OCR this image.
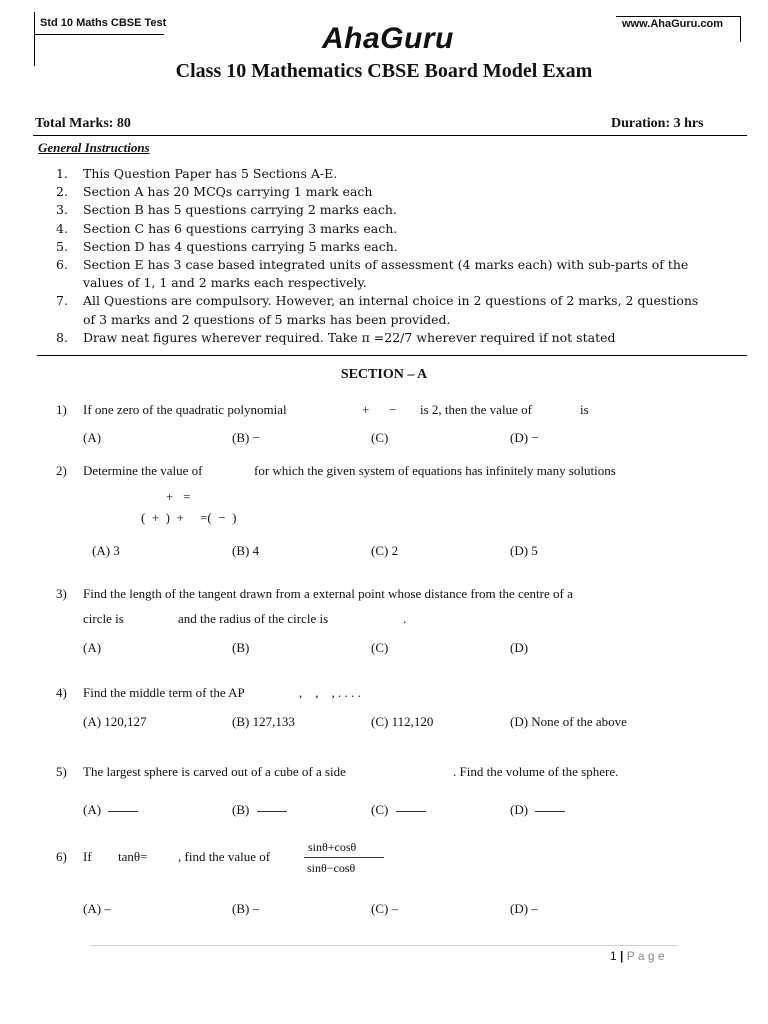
Std 10 Maths CBSE Test	AhaGuru	www.AhaGuru.com
Class 10 Mathematics CBSE Board Model Exam
Total Marks: 80	Duration: 3 hrs
General Instructions
1. This Question Paper has 5 Sections A-E.
2. Section A has 20 MCQs carrying 1 mark each
3. Section B has 5 questions carrying 2 marks each.
4. Section C has 6 questions carrying 3 marks each.
5. Section D has 4 questions carrying 5 marks each.
6. Section E has 3 case based integrated units of assessment (4 marks each) with sub-parts of the
values of 1, 1 and 2 marks each respectively.
7. All Questions are compulsory. However, an internal choice in 2 questions of 2 marks, 2 questions
of 3 marks and 2 questions of 5 marks has been provided.
8. Draw neat figures wherever required. Take π =22/7 wherever required if not stated
SECTION – A
1) If one zero of the quadratic polynomial	+ − is 2, then the value of	is
(A)	(B) −	(C)	(D) −
2) Determine the value of	for which the given system of equations has infinitely many solutions
+   =
(  +  )  +     =(  −  )
(A) 3	(B) 4	(C) 2	(D) 5
3) Find the length of the tangent drawn from a external point whose distance from the centre of a
circle is	and the radius of the circle is	.
(A)	(B)	(C)	(D)
4) Find the middle term of the AP	,    ,    , . . . .
(A) 120,127	(B) 127,133	(C) 112,120	(D) None of the above
5) The largest sphere is carved out of a cube of a side	. Find the volume of the sphere.
(A)	(B)	(C)	(D)
6) If tanθ= , find the value of
sinθ+cosθ
sinθ−cosθ
(A) –	(B) –	(C) –	(D) –
1 | P a g e
